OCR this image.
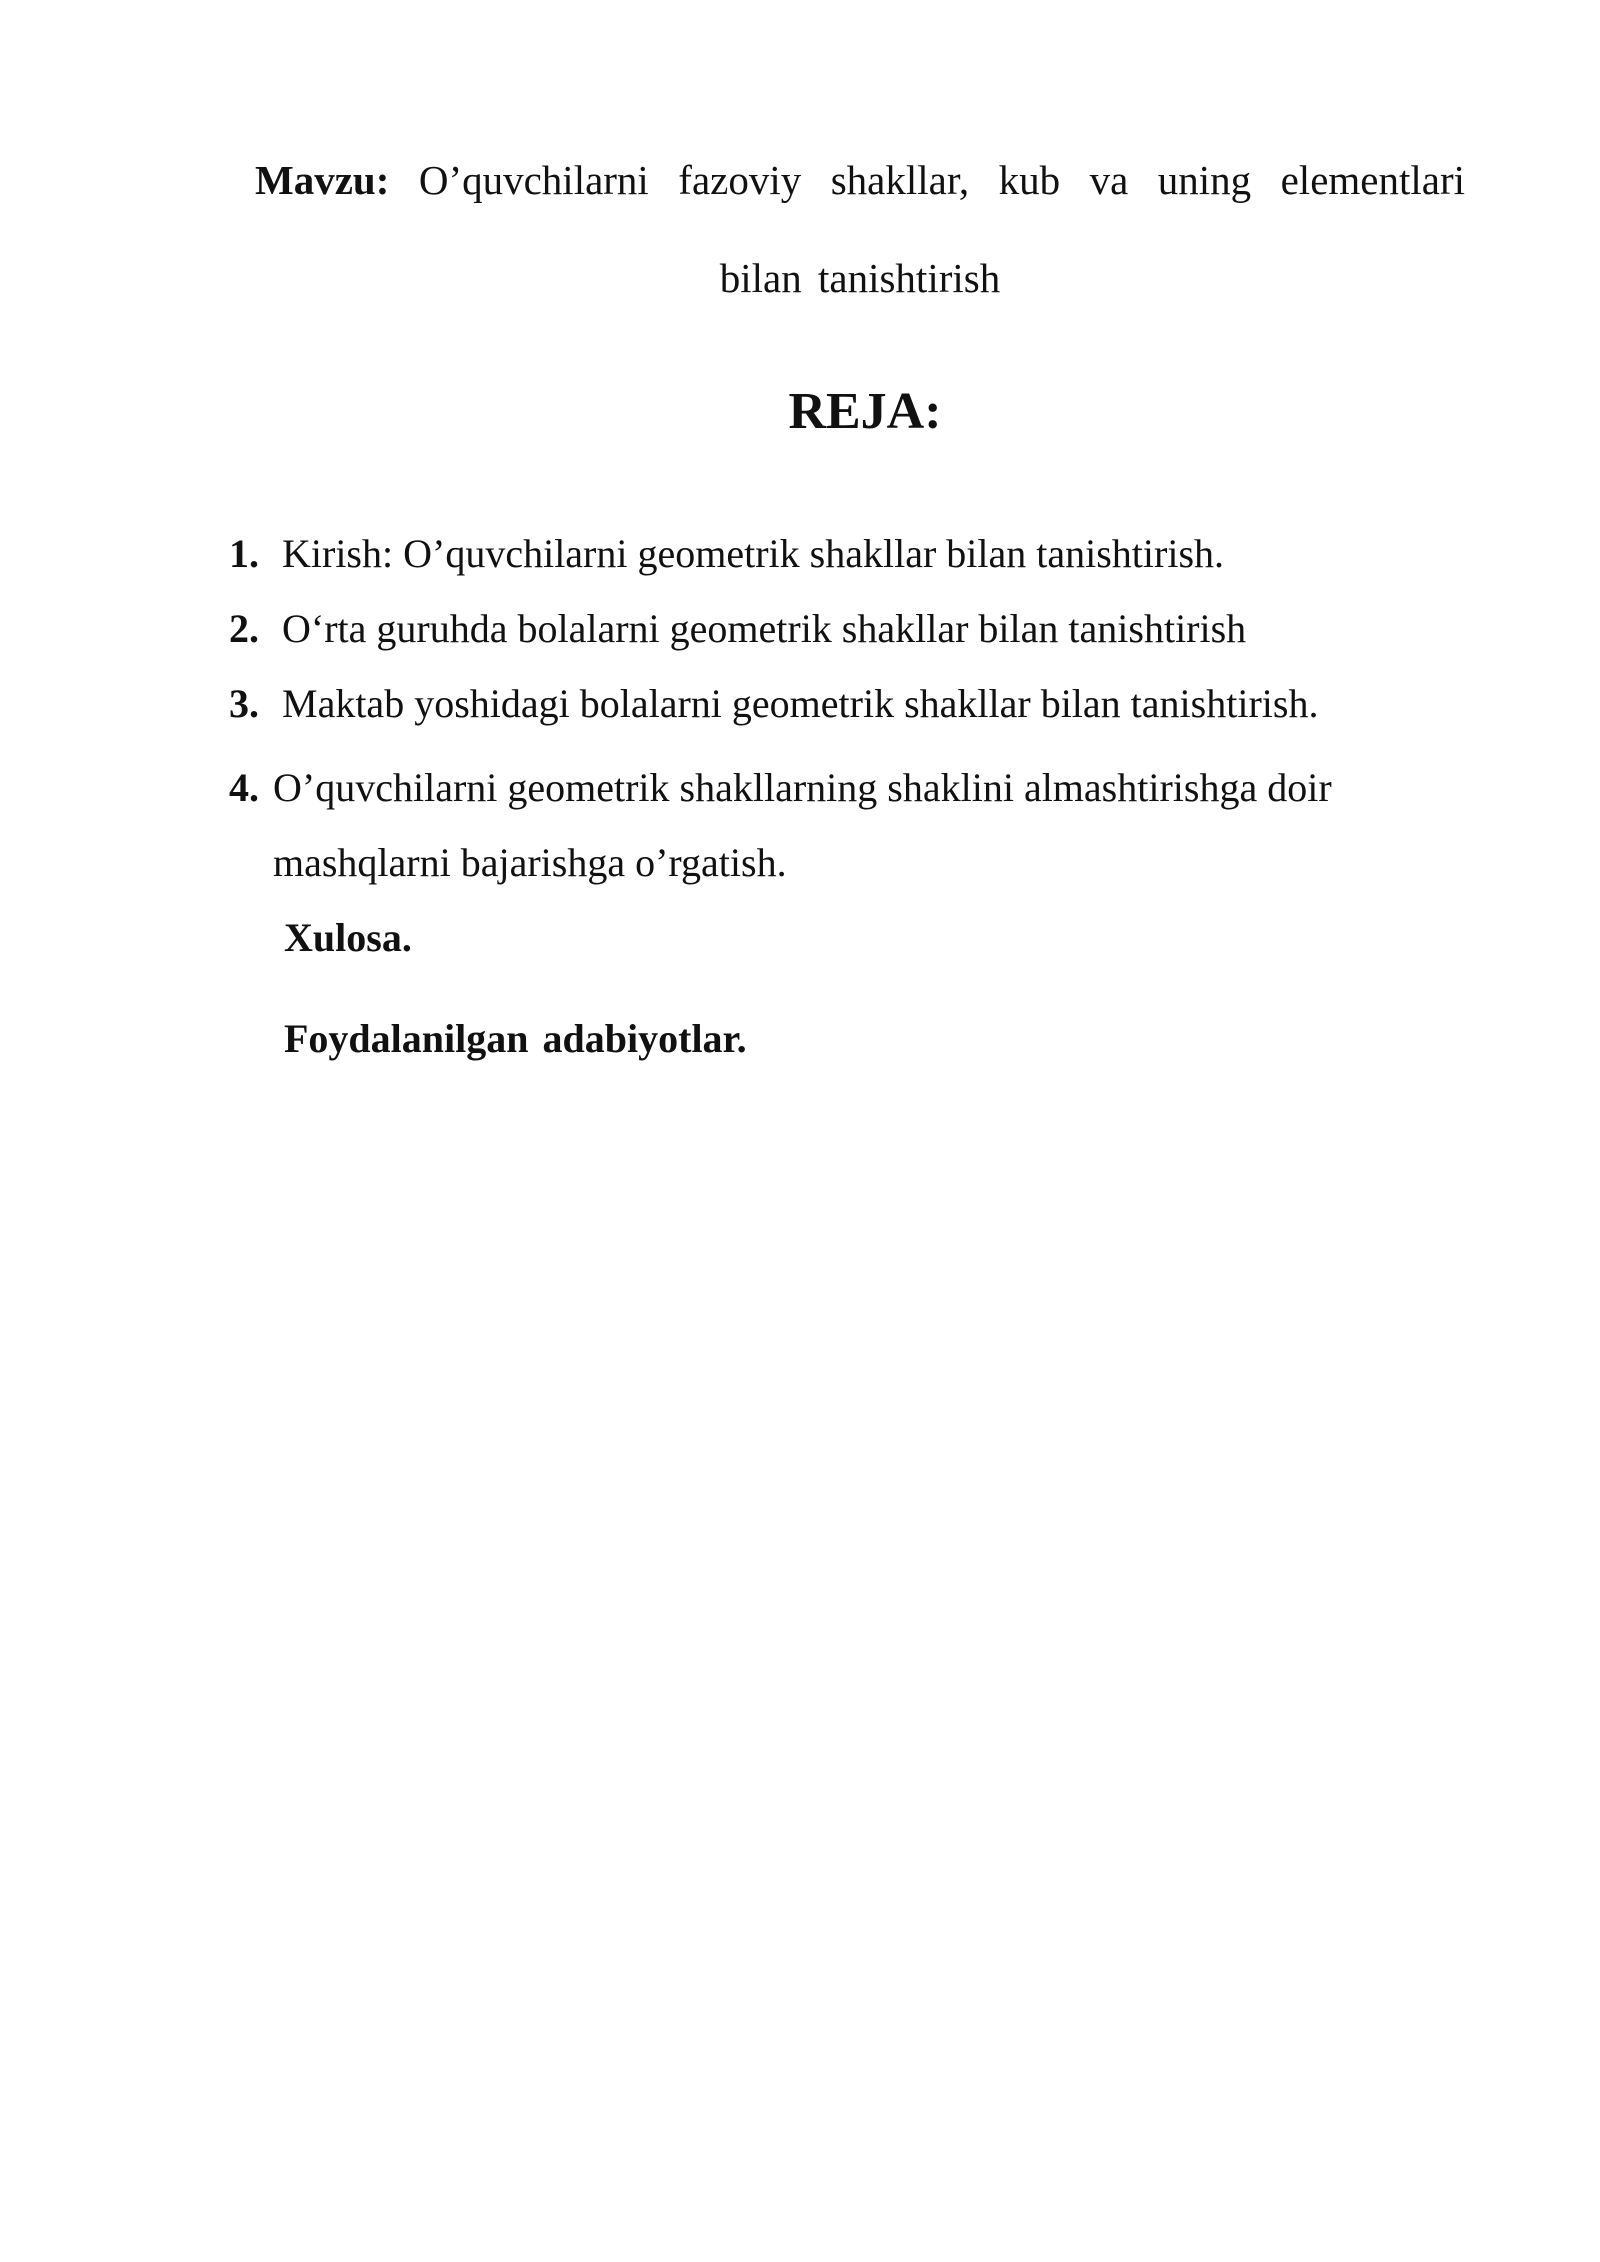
Mavzu: O’quvchilarni fazoviy shakllar, kub va uning elementlari
bilan tanishtirish
REJA:
1. Kirish: O’quvchilarni geometrik shakllar bilan tanishtirish.
2. O‘rta guruhda bolalarni geometrik shakllar bilan tanishtirish
3. Maktab yoshidagi bolalarni geometrik shakllar bilan tanishtirish.
4. O’quvchilarni geometrik shakllarning shaklini almashtirishga doir
mashqlarni bajarishga o’rgatish.
Xulosa.
Foydalanilgan adabiyotlar.
